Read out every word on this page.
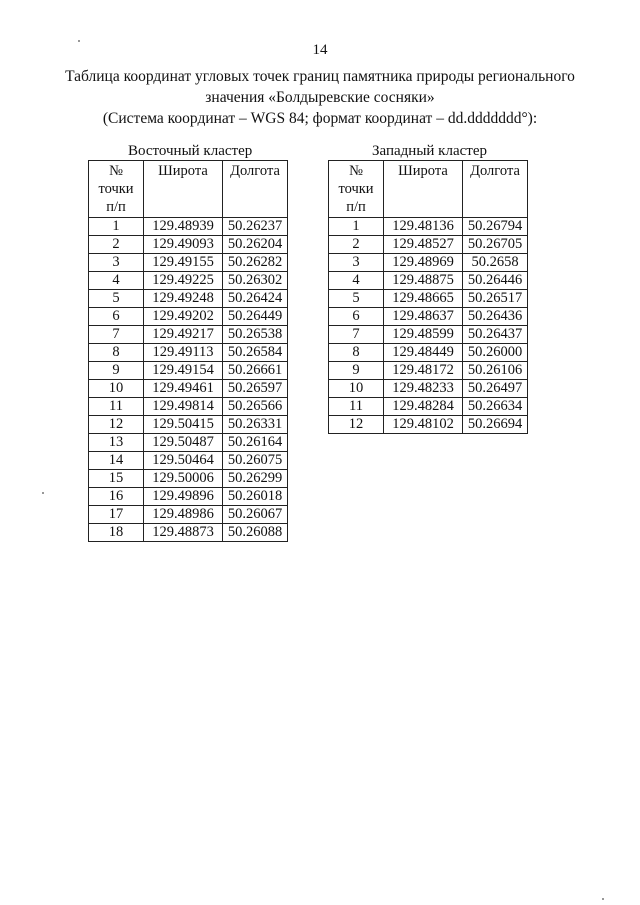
14
Таблица координат угловых точек границ памятника природы регионального
значения «Болдыревские сосняки»
(Система координат – WGS 84; формат координат – dd.ddddddd°):
Восточный кластер	Западный кластер
№
точки
п/п	Широта	Долгота
1	129.48939	50.26237
2	129.49093	50.26204
3	129.49155	50.26282
4	129.49225	50.26302
5	129.49248	50.26424
6	129.49202	50.26449
7	129.49217	50.26538
8	129.49113	50.26584
9	129.49154	50.26661
10	129.49461	50.26597
11	129.49814	50.26566
12	129.50415	50.26331
13	129.50487	50.26164
14	129.50464	50.26075
15	129.50006	50.26299
16	129.49896	50.26018
17	129.48986	50.26067
18	129.48873	50.26088
№
точки
п/п	Широта	Долгота
1	129.48136	50.26794
2	129.48527	50.26705
3	129.48969	50.2658
4	129.48875	50.26446
5	129.48665	50.26517
6	129.48637	50.26436
7	129.48599	50.26437
8	129.48449	50.26000
9	129.48172	50.26106
10	129.48233	50.26497
11	129.48284	50.26634
12	129.48102	50.26694
